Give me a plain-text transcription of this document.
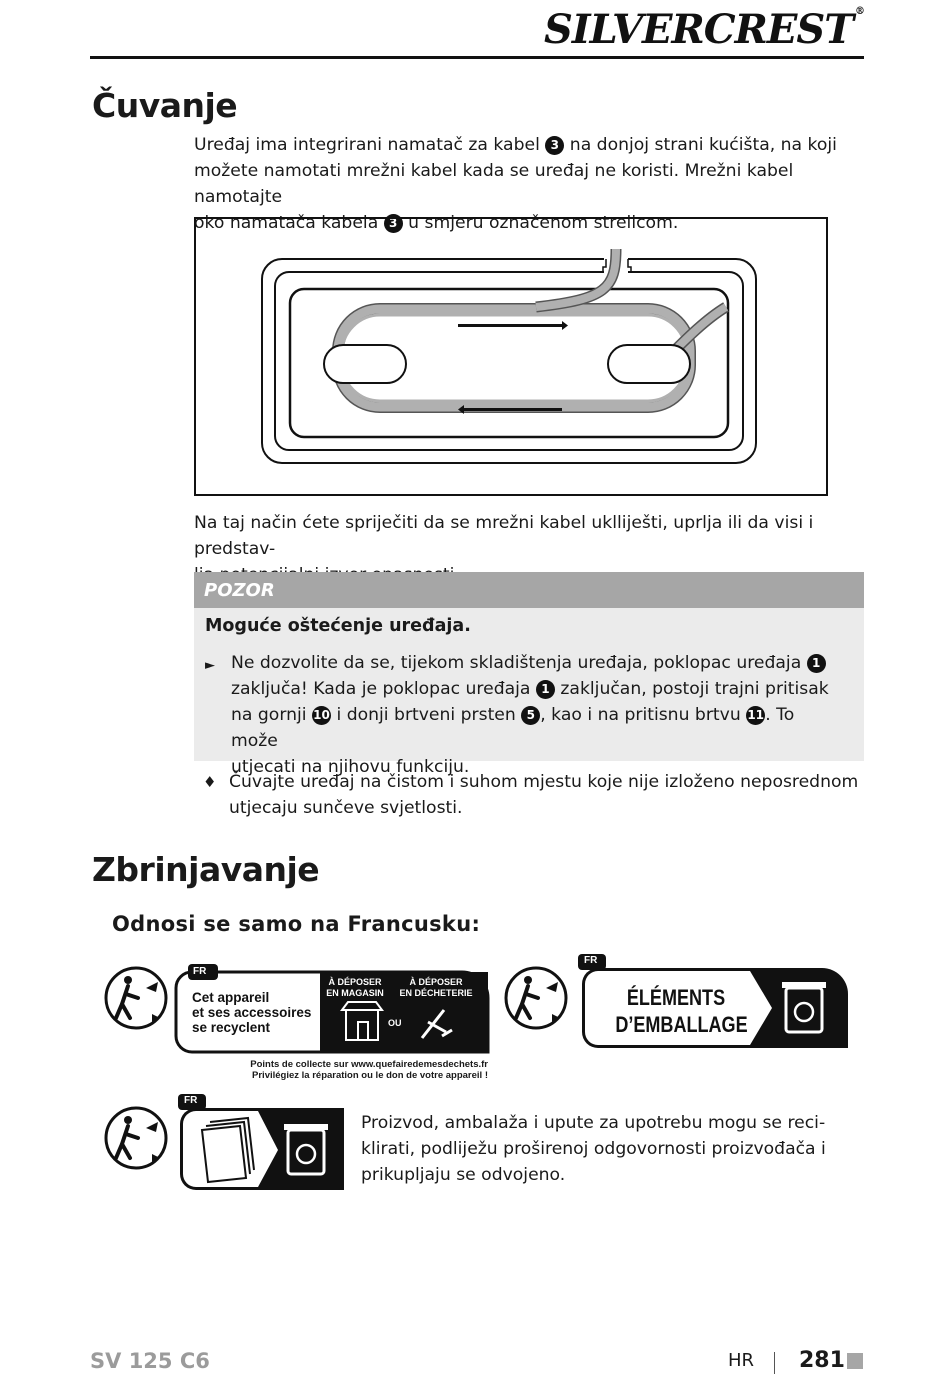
SILVERCREST ®
Čuvanje
Uređaj ima integrirani namatač za kabel 3 na donjoj strani kućišta, na koji
možete namotati mrežni kabel kada se uređaj ne koristi. Mrežni kabel namotajte
oko namatača kabela 3 u smjeru označenom strelicom.
Na taj način ćete spriječiti da se mrežni kabel uklliješti, uprlja ili da visi i predstav-
POZOR
Moguće oštećenje uređaja.
► Ne dozvolite da se, tijekom skladištenja uređaja, poklopac uređaja 1
zaključa! Kada je poklopac uređaja 1 zaključan, postoji trajni pritisak
na gornji 10 i donji brtveni prsten 5 , kao i na pritisnu brtvu 11. To može
utjecati na njihovu funkciju.
♦ Čuvajte uređaj na čistom i suhom mjestu koje nije izloženo neposrednom
utjecaju sunčeve svjetlosti.
Zbrinjavanje
Odnosi se samo na Francusku:
FR
Cet appareil
et ses accessoires
se recyclent
À DÉPOSER
EN MAGASIN
OU
À DÉPOSER
EN DÉCHETERIE
Points de collecte sur www.quefairedemesdechets.fr
Privilégiez la réparation ou le don de votre appareil !
FR
ÉLÉMENTS
D’EMBALLAGE
FR
Proizvod, ambalaža i upute za upotrebu mogu se reci-
klirati, podliježu proširenoj odgovornosti proizvođača i
prikupljaju se odvojeno.
SV 125 C6	HR 281
